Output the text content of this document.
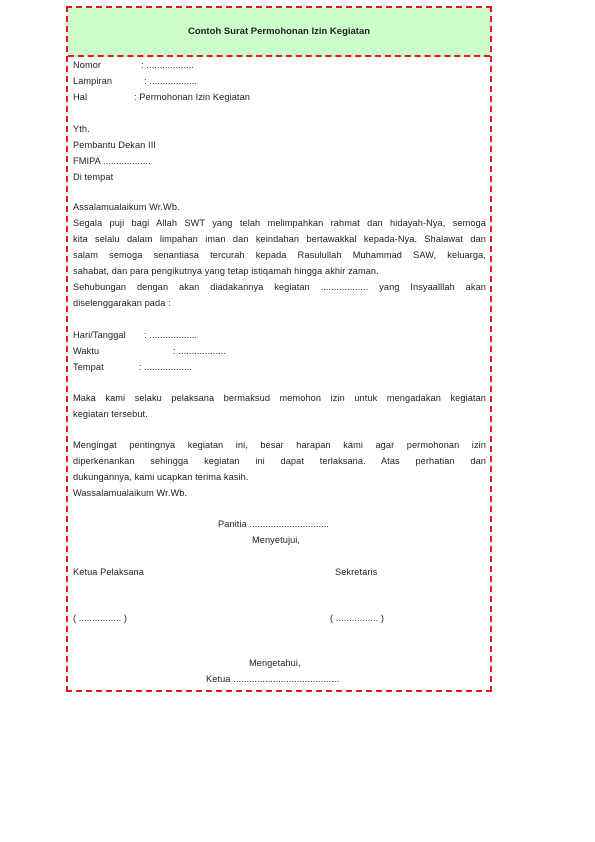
Contoh Surat Permohonan Izin Kegiatan
Nomor	: ..................
Lampiran	: ..................
Hal	: Permohonan Izin Kegiatan
Yth.
Pembantu Dekan III
FMIPA ..................
Di tempat
Assalamualaikum Wr.Wb.
Segala puji bagi Allah SWT yang telah melimpahkan rahmat dan hidayah-Nya, semoga
kita selalu dalam limpahan iman dan keindahan bertawakkal kepada-Nya. Shalawat dan
salam semoga senantiasa tercurah kepada Rasulullah Muhammad SAW, keluarga,
sahabat, dan para pengikutnya yang tetap istiqamah hingga akhir zaman.
Sehubungan dengan akan diadakannya kegiatan .................. yang Insyaalllah akan
diselenggarakan pada :
Hari/Tanggal : ..................
Waktu	: ..................
Tempat	: ..................
Maka kami selaku pelaksana bermaksud memohon izin untuk mengadakan kegiatan
kegiatan tersebut.
Mengingat pentingnya kegiatan ini, besar harapan kami agar permohonan izin
diperkenankan sehingga kegiatan ini dapat terlaksana. Atas perhatian dan
dukungannya, kami ucapkan terima kasih.
Wassalamualaikum Wr.Wb.
Panitia ..............................
Menyetujui,
Ketua Pelaksana	Sekretaris
( ................ )	( ................ )
Mengetahui,
Ketua ........................................
